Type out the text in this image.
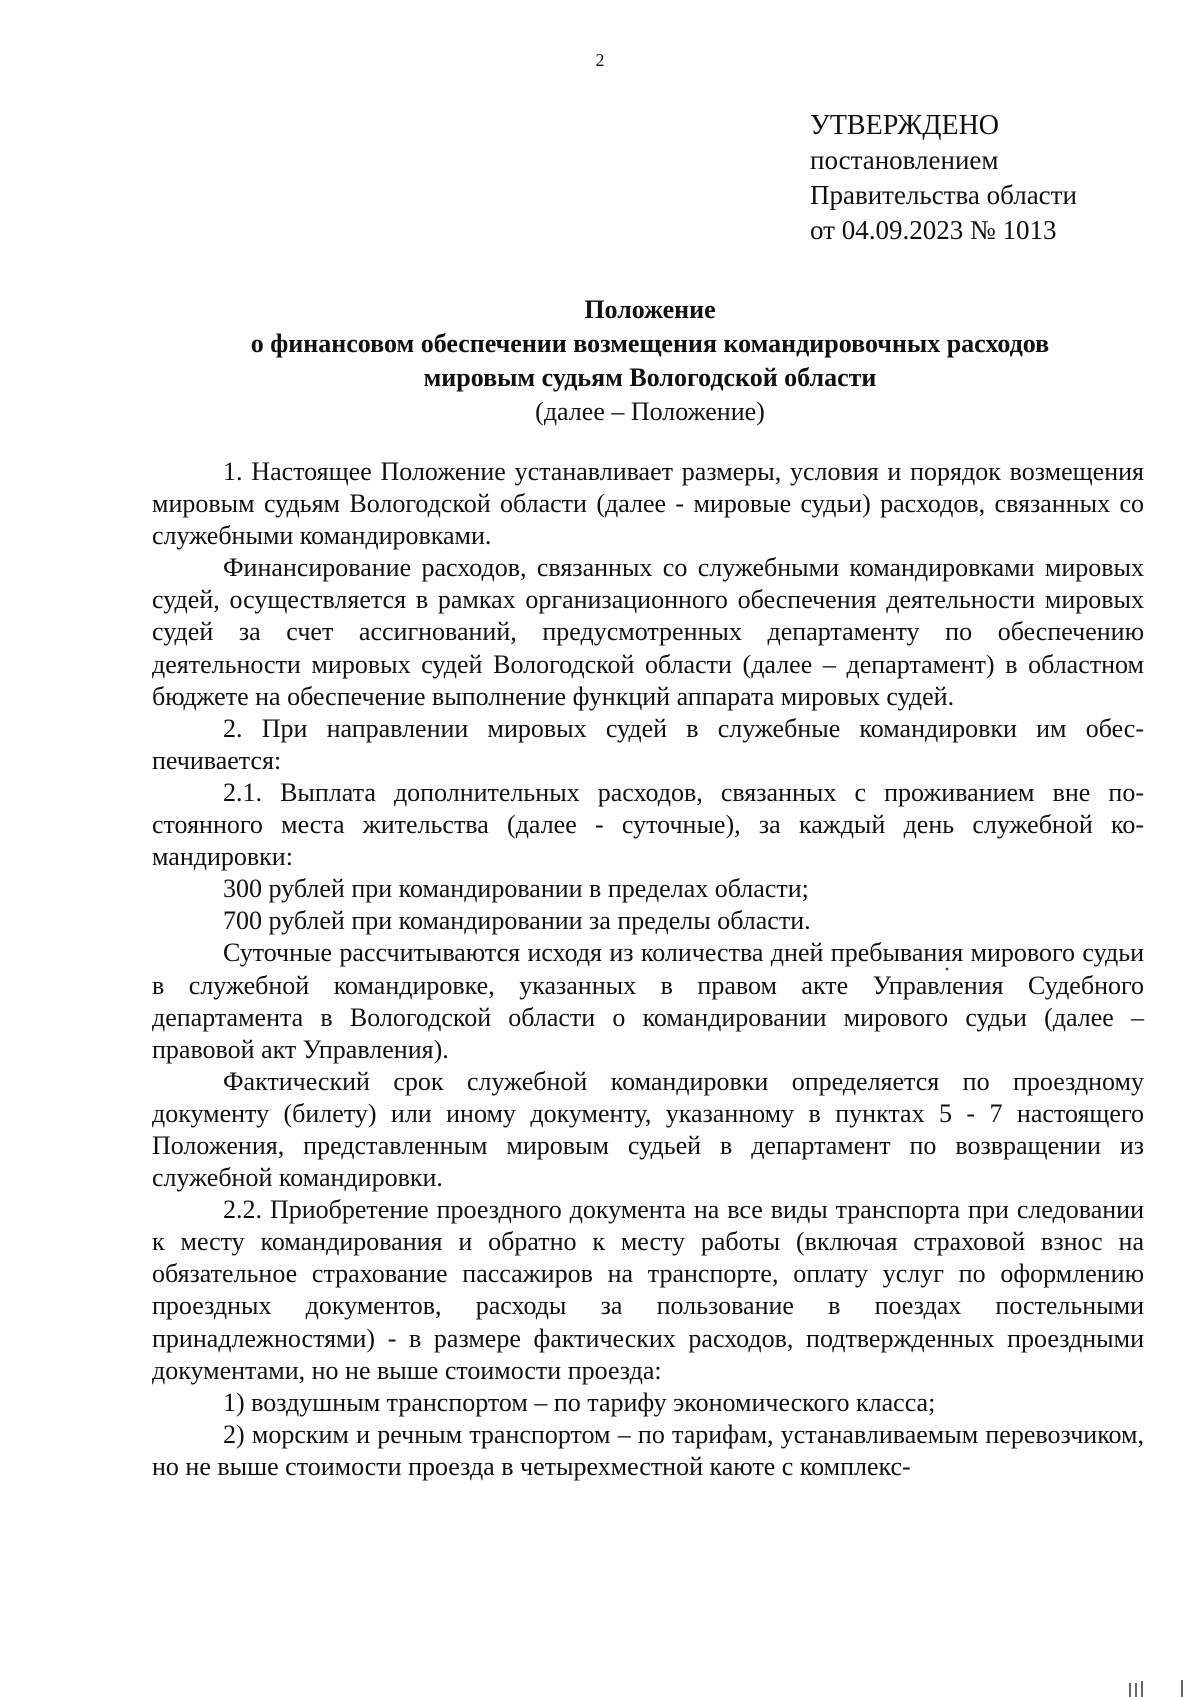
2
УТВЕРЖДЕНО
постановлением
Правительства области
от 04.09.2023 № 1013
Положение
о финансовом обеспечении возмещения командировочных расходов
мировым судьям Вологодской области
(далее – Положение)

1. Настоящее Положение устанавливает размеры, условия и порядок возмещения мировым судьям Вологодской области (далее - мировые судьи) расходов, связанных со служебными командировками.

Финансирование расходов, связанных со служебными командировками мировых судей, осуществляется в рамках организационного обеспечения деятельности мировых судей за счет ассигнований, предусмотренных департаменту по обеспечению деятельности мировых судей Вологодской области (далее – департамент) в областном бюджете на обеспечение выполнение функций аппарата мировых судей.

2. При направлении мировых судей в служебные командировки им обеспечивается:

2.1. Выплата дополнительных расходов, связанных с проживанием вне постоянного места жительства (далее - суточные), за каждый день служебной командировки:

300 рублей при командировании в пределах области;

700 рублей при командировании за пределы области.

Суточные рассчитываются исходя из количества дней пребывания мирового судьи в служебной командировке, указанных в правом акте Управления Судебного департамента в Вологодской области о командировании мирового судьи (далее – правовой акт Управления).

Фактический срок служебной командировки определяется по проездному документу (билету) или иному документу, указанному в пунктах 5 - 7 настоящего Положения, представленным мировым судьей в департамент по возвращении из служебной командировки.

2.2. Приобретение проездного документа на все виды транспорта при следовании к месту командирования и обратно к месту работы (включая страховой взнос на обязательное страхование пассажиров на транспорте, оплату услуг по оформлению проездных документов, расходы за пользование в поездах постельными принадлежностями) - в размере фактических расходов, подтвержденных проездными документами, но не выше стоимости проезда:

1) воздушным транспортом – по тарифу экономического класса;

2) морским и речным транспортом – по тарифам, устанавливаемым перевозчиком, но не выше стоимости проезда в четырехместной каюте с комплекс-
